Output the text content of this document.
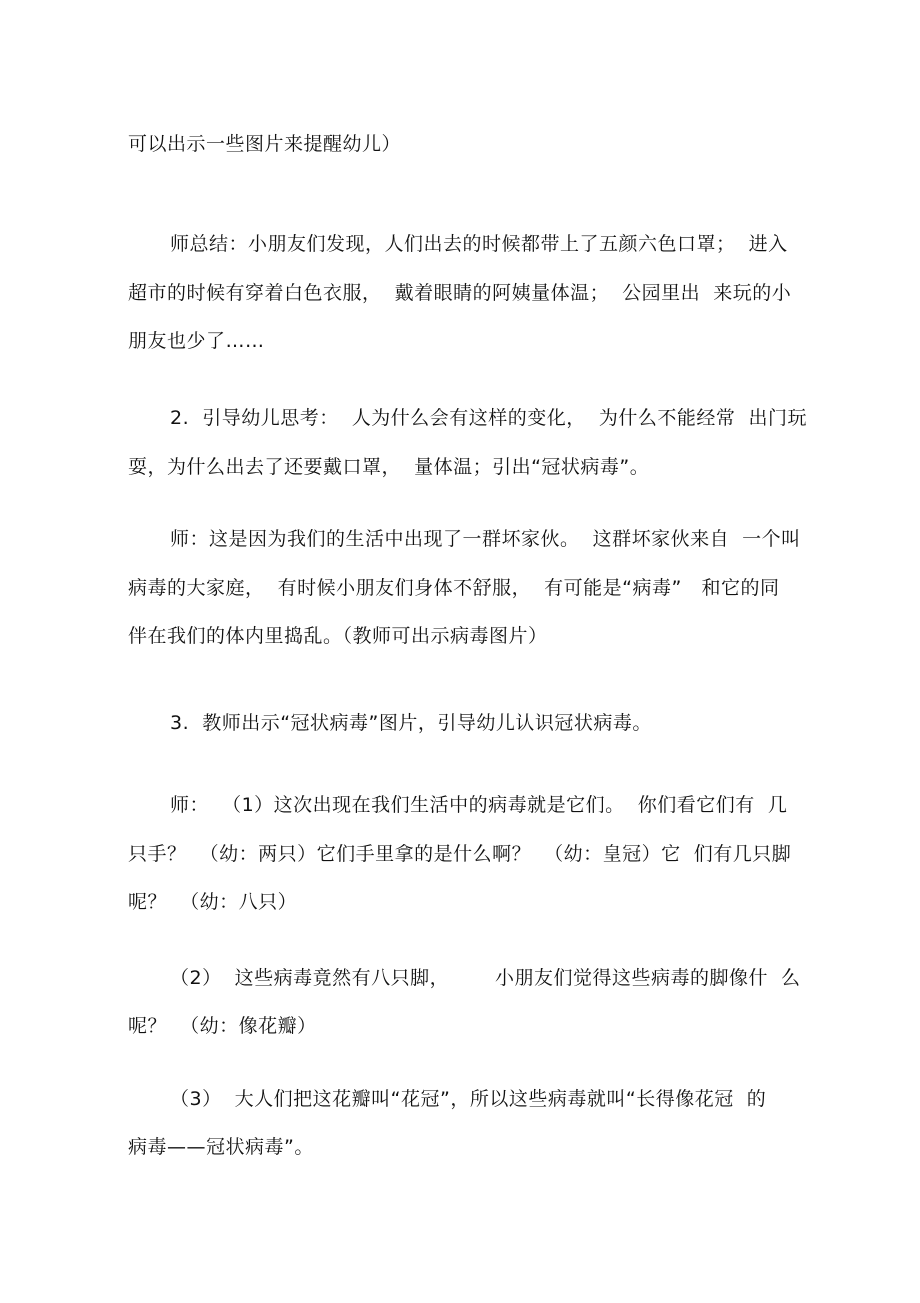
可以出示一些图片来提醒幼儿）
师总结：小朋友们发现，人们出去的时候都带上了五颜六色口罩；  进入
超市的时候有穿着白色衣服，  戴着眼睛的阿姨量体温；  公园里出  来玩的小
朋友也少了……
2.  引导幼儿思考：  人为什么会有这样的变化，  为什么不能经常  出门玩
耍，为什么出去了还要戴口罩，  量体温；引出“冠状病毒”。
师：这是因为我们的生活中出现了一群坏家伙。  这群坏家伙来自  一个叫
病毒的大家庭，  有时候小朋友们身体不舒服，  有可能是“病毒”   和它的同
伴在我们的体内里捣乱。（教师可出示病毒图片）
3.  教师出示“冠状病毒”图片，引导幼儿认识冠状病毒。
师：  （1）这次出现在我们生活中的病毒就是它们。  你们看它们有  几
只手？  （幼：两只）它们手里拿的是什么啊？  （幼：皇冠）它  们有几只脚
呢？  （幼：八只）
（2）  这些病毒竟然有八只脚，       小朋友们觉得这些病毒的脚像什  么
呢？  （幼：像花瓣）
（3）  大人们把这花瓣叫“花冠”，所以这些病毒就叫“长得像花冠  的
病毒——冠状病毒”。
